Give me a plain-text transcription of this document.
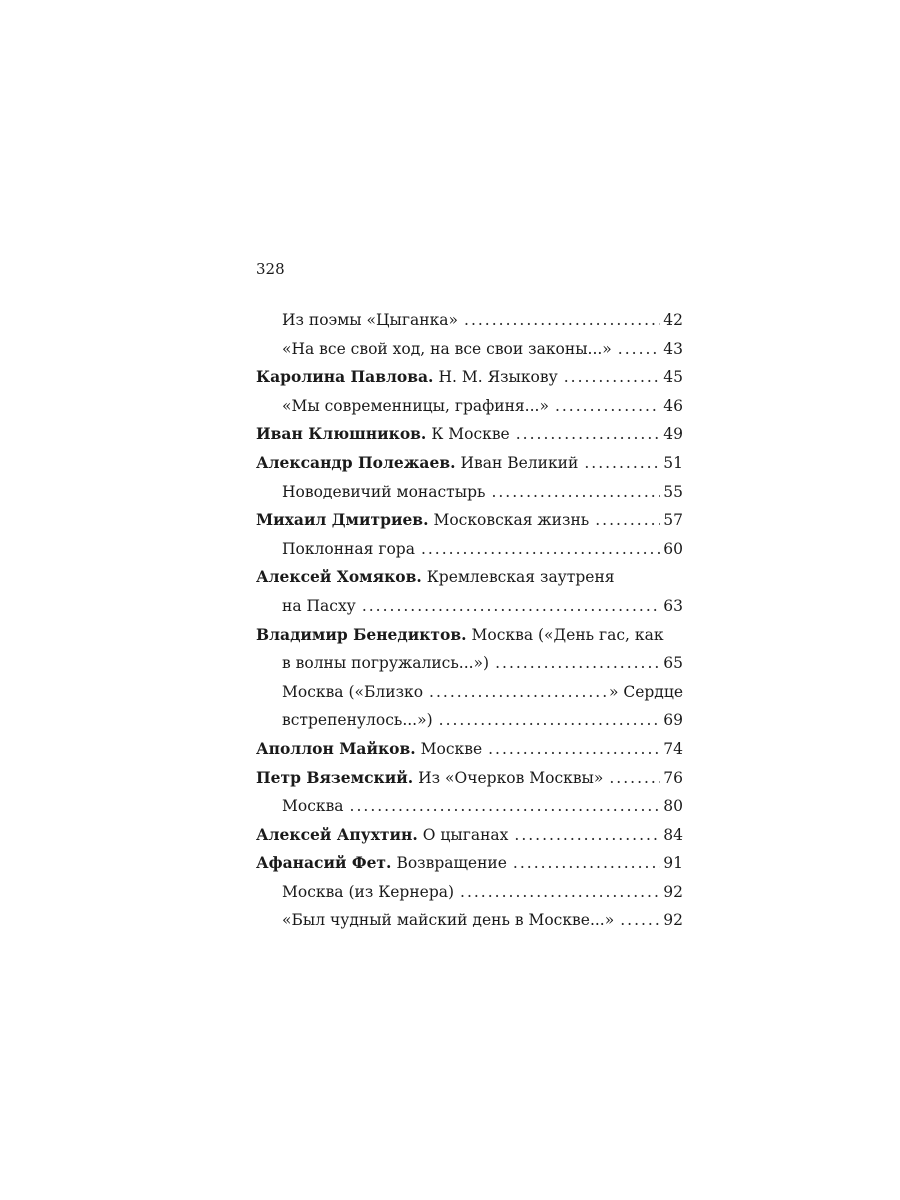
328
Из поэмы «Цыганка» .....	42
«На все свой ход, на все свои законы...» .....	43
Каролина Павлова. Н. М. Языкову .....	45
«Мы современницы, графиня...» .....	46
Иван Клюшников. К Москве .....	49
Александр Полежаев. Иван Великий .....	51
Новодевичий монастырь .....	55
Михаил Дмитриев. Московская жизнь .....	57
Поклонная гора .....	60
Алексей Хомяков. Кремлевская заутреня
на Пасху .....	63
Владимир Бенедиктов. Москва («День гас, как
в волны погружались...») .....	65
Москва («Близко .....	» Сердце
встрепенулось...») .....	69
Аполлон Майков. Москве .....	74
Петр Вяземский. Из «Очерков Москвы» .....	76
Москва .....	80
Алексей Апухтин. О цыганах .....	84
Афанасий Фет. Возвращение .....	91
Москва (из Кернера) .....	92
«Был чудный майский день в Москве...» .....	92
